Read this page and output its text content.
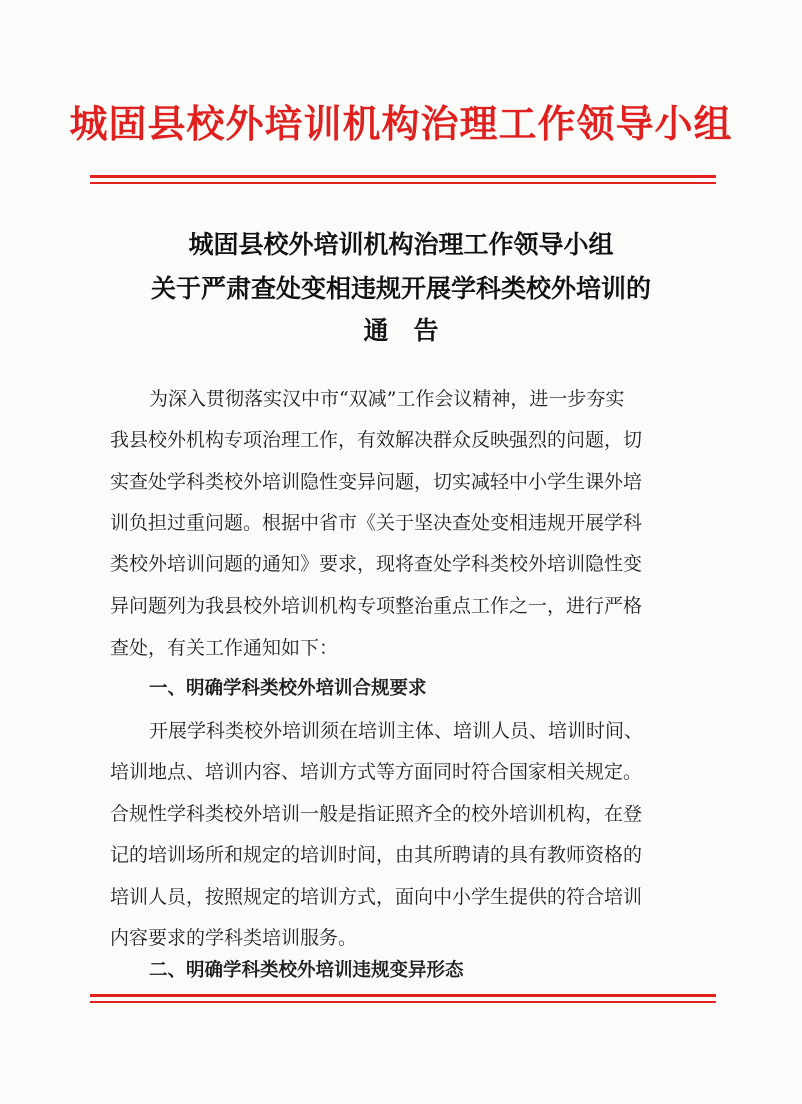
城固县校外培训机构治理工作领导小组
城固县校外培训机构治理工作领导小组
关于严肃查处变相违规开展学科类校外培训的
通　告
为深入贯彻落实汉中市“双减”工作会议精神，进一步夯实
我县校外机构专项治理工作，有效解决群众反映强烈的问题，切
实查处学科类校外培训隐性变异问题，切实减轻中小学生课外培
训负担过重问题。根据中省市《关于坚决查处变相违规开展学科
类校外培训问题的通知》要求，现将查处学科类校外培训隐性变
异问题列为我县校外培训机构专项整治重点工作之一，进行严格
查处，有关工作通知如下：
一、明确学科类校外培训合规要求
开展学科类校外培训须在培训主体、培训人员、培训时间、
培训地点、培训内容、培训方式等方面同时符合国家相关规定。
合规性学科类校外培训一般是指证照齐全的校外培训机构，在登
记的培训场所和规定的培训时间，由其所聘请的具有教师资格的
培训人员，按照规定的培训方式，面向中小学生提供的符合培训
内容要求的学科类培训服务。
二、明确学科类校外培训违规变异形态
